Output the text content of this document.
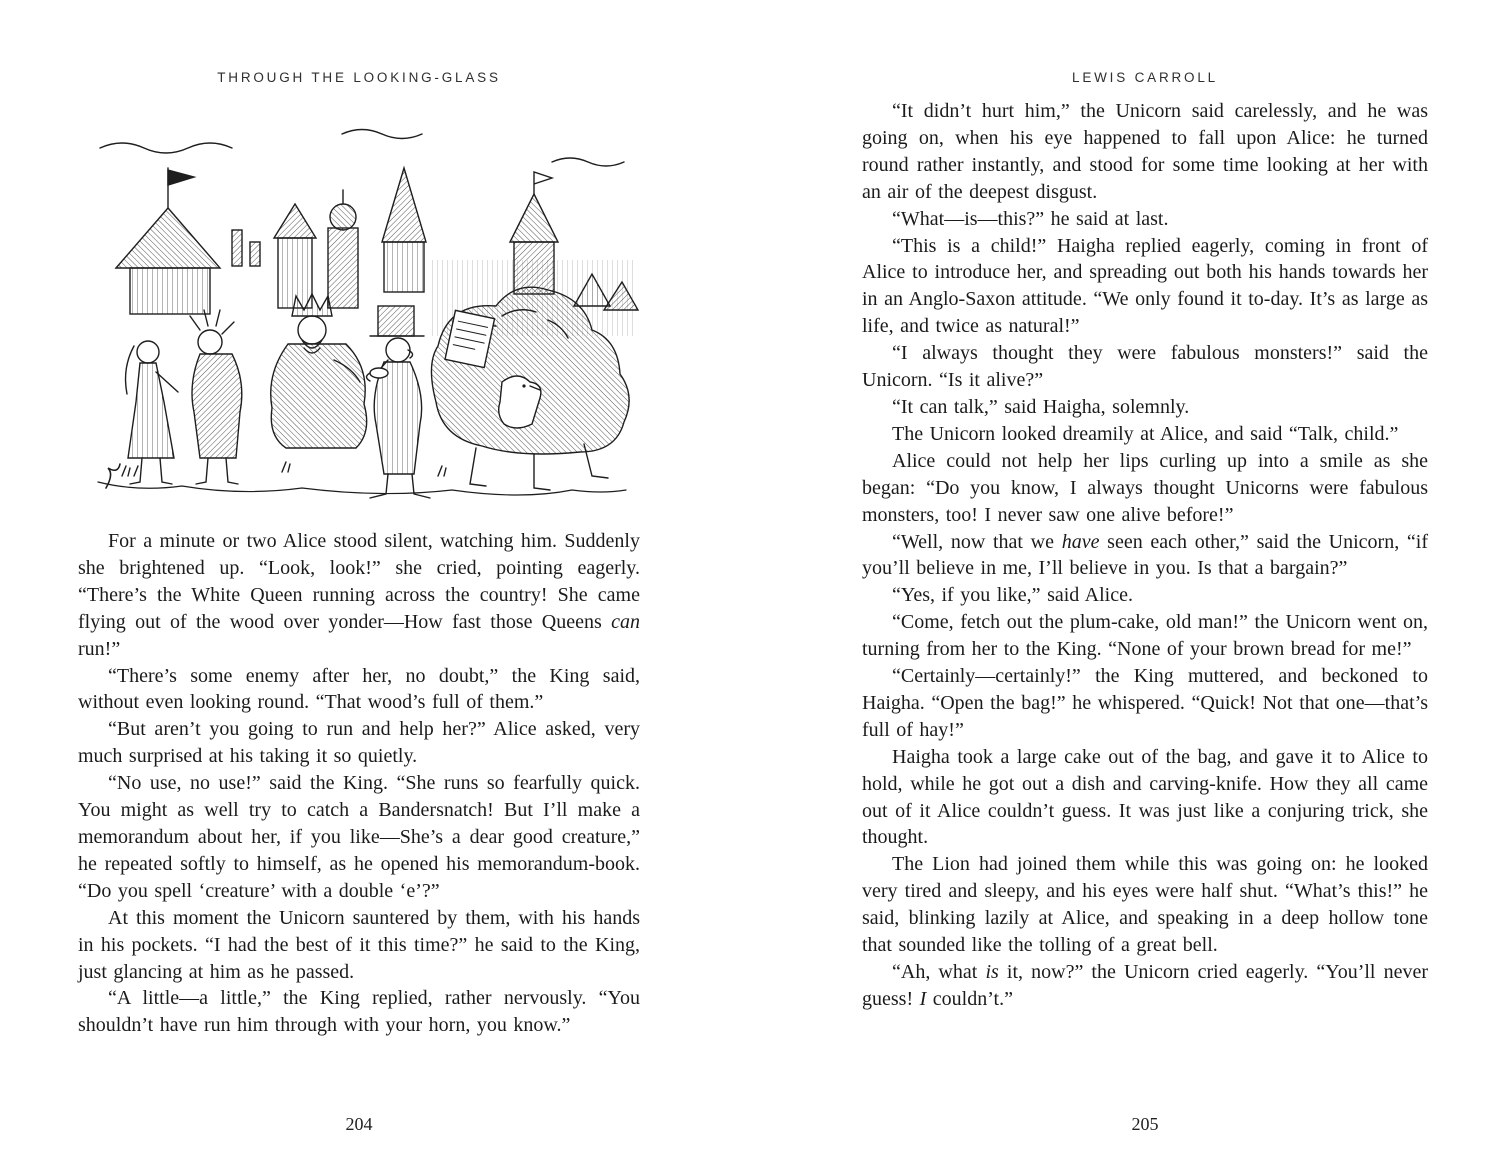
THROUGH THE LOOKING-GLASS

For a minute or two Alice stood silent, watching him. Suddenly she brightened up. “Look, look!” she cried, pointing eagerly. “There’s the White Queen running across the country! She came flying out of the wood over yonder—How fast those Queens can run!”

“There’s some enemy after her, no doubt,” the King said, without even looking round. “That wood’s full of them.”

“But aren’t you going to run and help her?” Alice asked, very much surprised at his taking it so quietly.

“No use, no use!” said the King. “She runs so fearfully quick. You might as well try to catch a Bandersnatch! But I’ll make a memorandum about her, if you like—She’s a dear good creature,” he repeated softly to himself, as he opened his memorandum-book. “Do you spell ‘creature’ with a double ‘e’?”

At this moment the Unicorn sauntered by them, with his hands in his pockets. “I had the best of it this time?” he said to the King, just glancing at him as he passed.

“A little—a little,” the King replied, rather nervously. “You shouldn’t have run him through with your horn, you know.”

204
LEWIS CARROLL

“It didn’t hurt him,” the Unicorn said carelessly, and he was going on, when his eye happened to fall upon Alice: he turned round rather instantly, and stood for some time looking at her with an air of the deepest disgust.

“What—is—this?” he said at last.

“This is a child!” Haigha replied eagerly, coming in front of Alice to introduce her, and spreading out both his hands towards her in an Anglo-Saxon attitude. “We only found it to-day. It’s as large as life, and twice as natural!”

“I always thought they were fabulous monsters!” said the Unicorn. “Is it alive?”

“It can talk,” said Haigha, solemnly.

The Unicorn looked dreamily at Alice, and said “Talk, child.”

Alice could not help her lips curling up into a smile as she began: “Do you know, I always thought Unicorns were fabulous monsters, too! I never saw one alive before!”

“Well, now that we have seen each other,” said the Unicorn, “if you’ll believe in me, I’ll believe in you. Is that a bargain?”

“Yes, if you like,” said Alice.

“Come, fetch out the plum-cake, old man!” the Unicorn went on, turning from her to the King. “None of your brown bread for me!”

“Certainly—certainly!” the King muttered, and beckoned to Haigha. “Open the bag!” he whispered. “Quick! Not that one—that’s full of hay!”

Haigha took a large cake out of the bag, and gave it to Alice to hold, while he got out a dish and carving-knife. How they all came out of it Alice couldn’t guess. It was just like a conjuring trick, she thought.

The Lion had joined them while this was going on: he looked very tired and sleepy, and his eyes were half shut. “What’s this!” he said, blinking lazily at Alice, and speaking in a deep hollow tone that sounded like the tolling of a great bell.

“Ah, what is it, now?” the Unicorn cried eagerly. “You’ll never guess! I couldn’t.”

205
